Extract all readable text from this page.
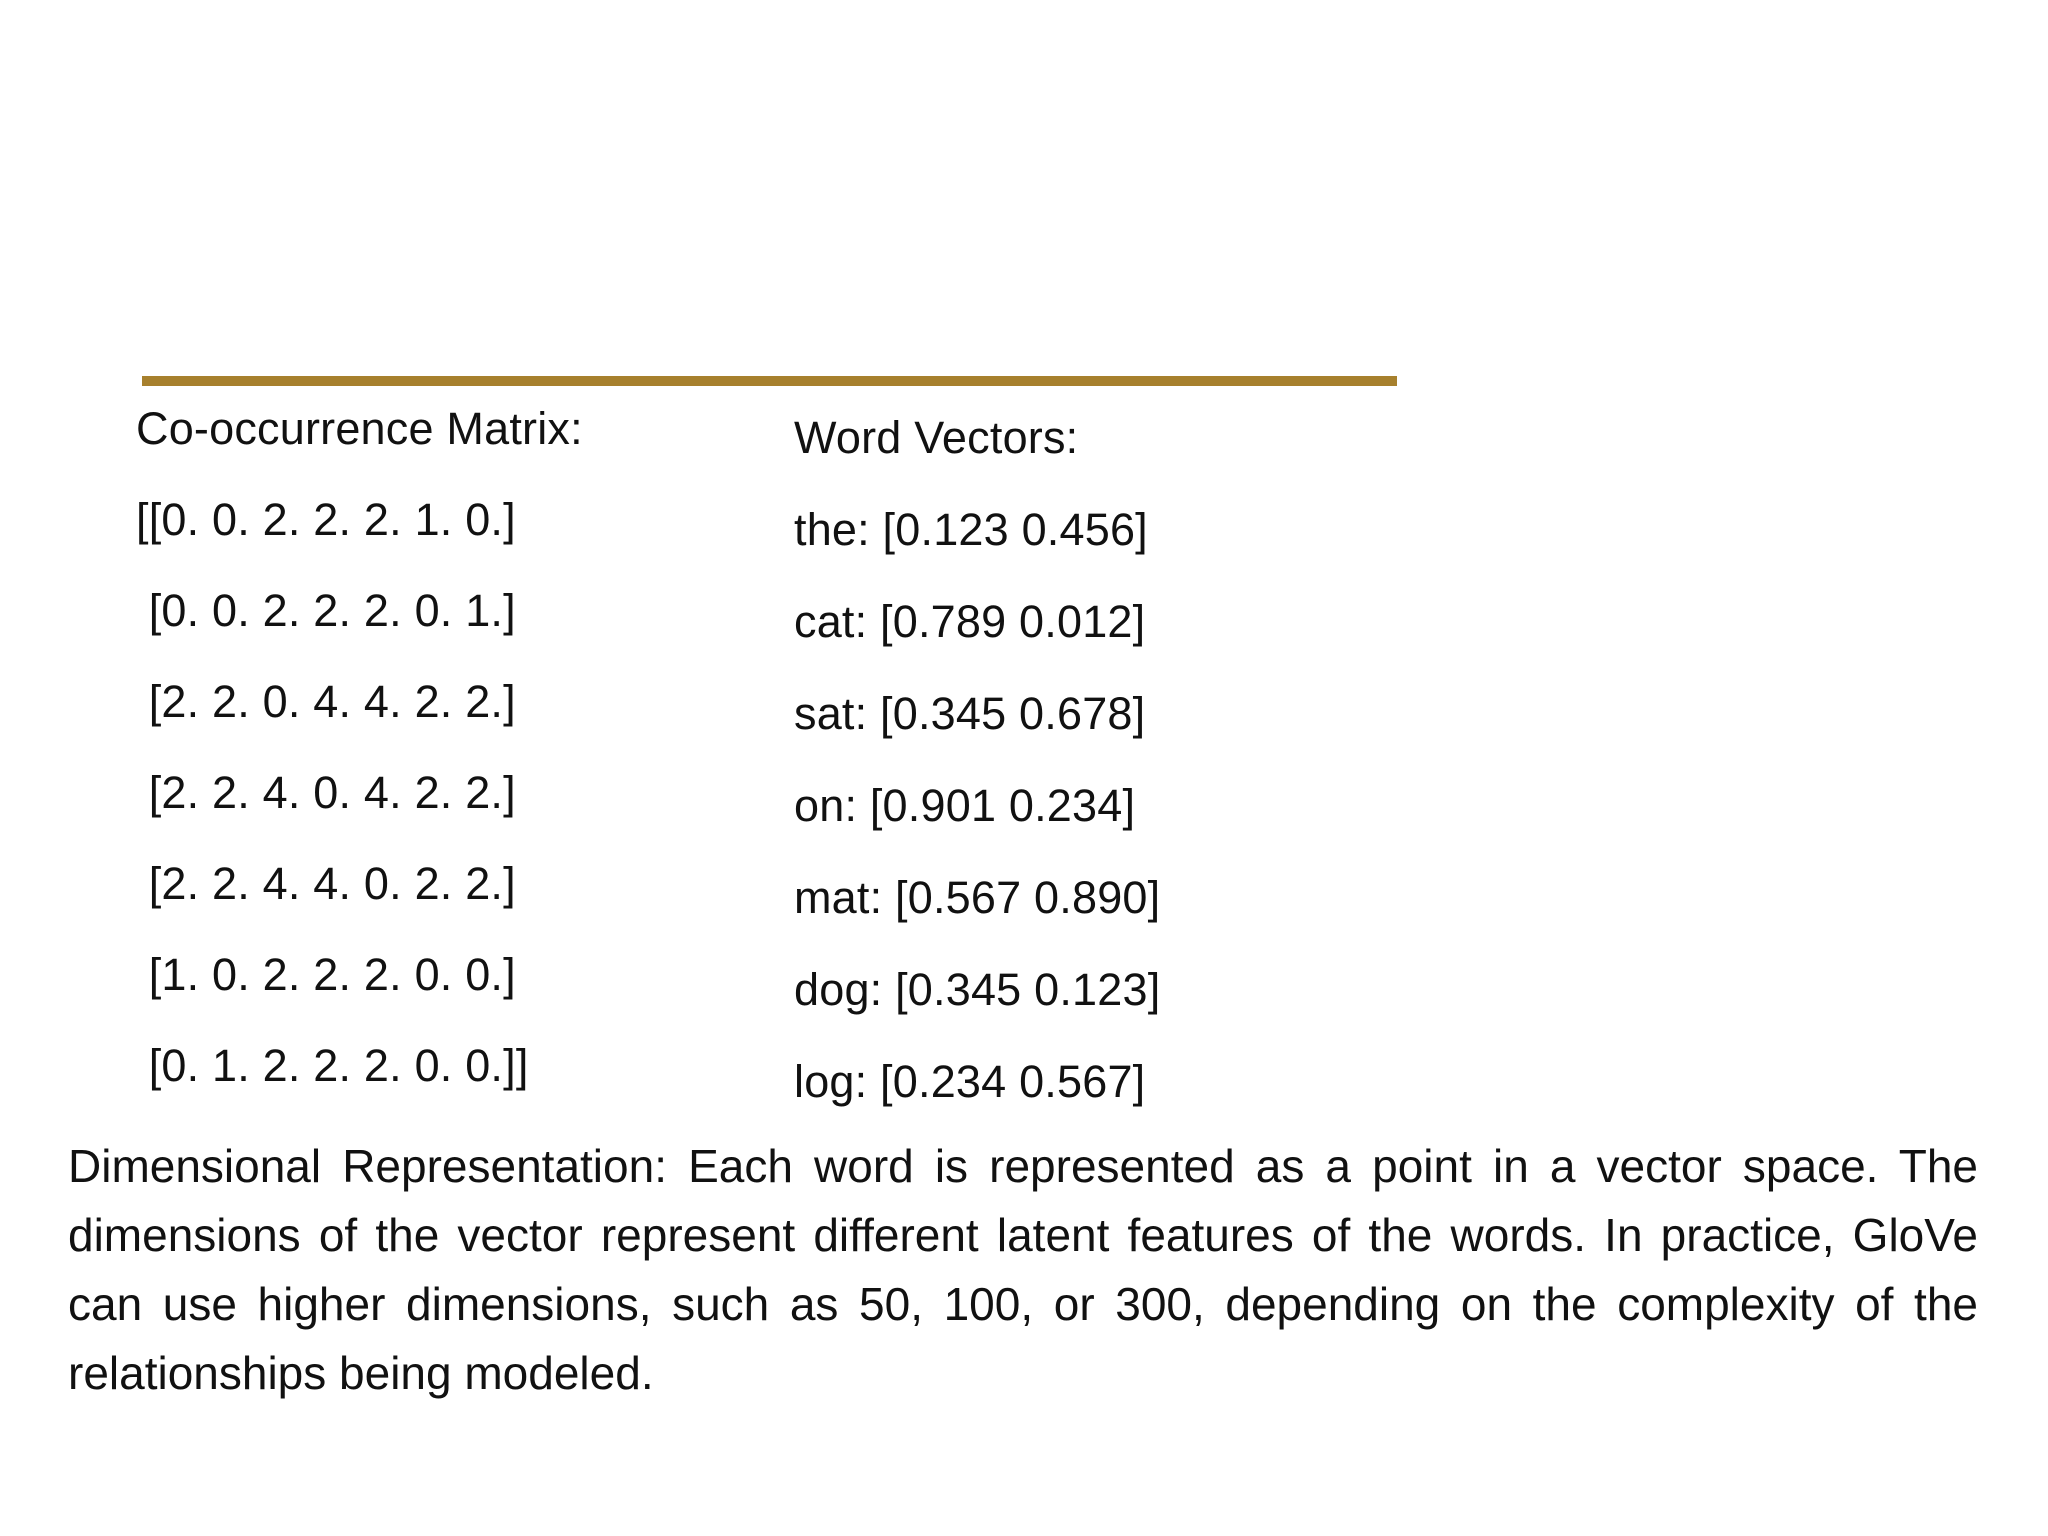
Co-occurrence Matrix:
[[0. 0. 2. 2. 2. 1. 0.]
[0. 0. 2. 2. 2. 0. 1.]
[2. 2. 0. 4. 4. 2. 2.]
[2. 2. 4. 0. 4. 2. 2.]
[2. 2. 4. 4. 0. 2. 2.]
[1. 0. 2. 2. 2. 0. 0.]
[0. 1. 2. 2. 2. 0. 0.]]
Word Vectors:
the: [0.123 0.456]
cat: [0.789 0.012]
sat: [0.345 0.678]
on: [0.901 0.234]
mat: [0.567 0.890]
dog: [0.345 0.123]
log: [0.234 0.567]
Dimensional Representation: Each word is represented as a point in a vector space. The dimensions of the vector represent different latent features of the words. In practice, GloVe can use higher dimensions, such as 50, 100, or 300, depending on the complexity of the relationships being modeled.
